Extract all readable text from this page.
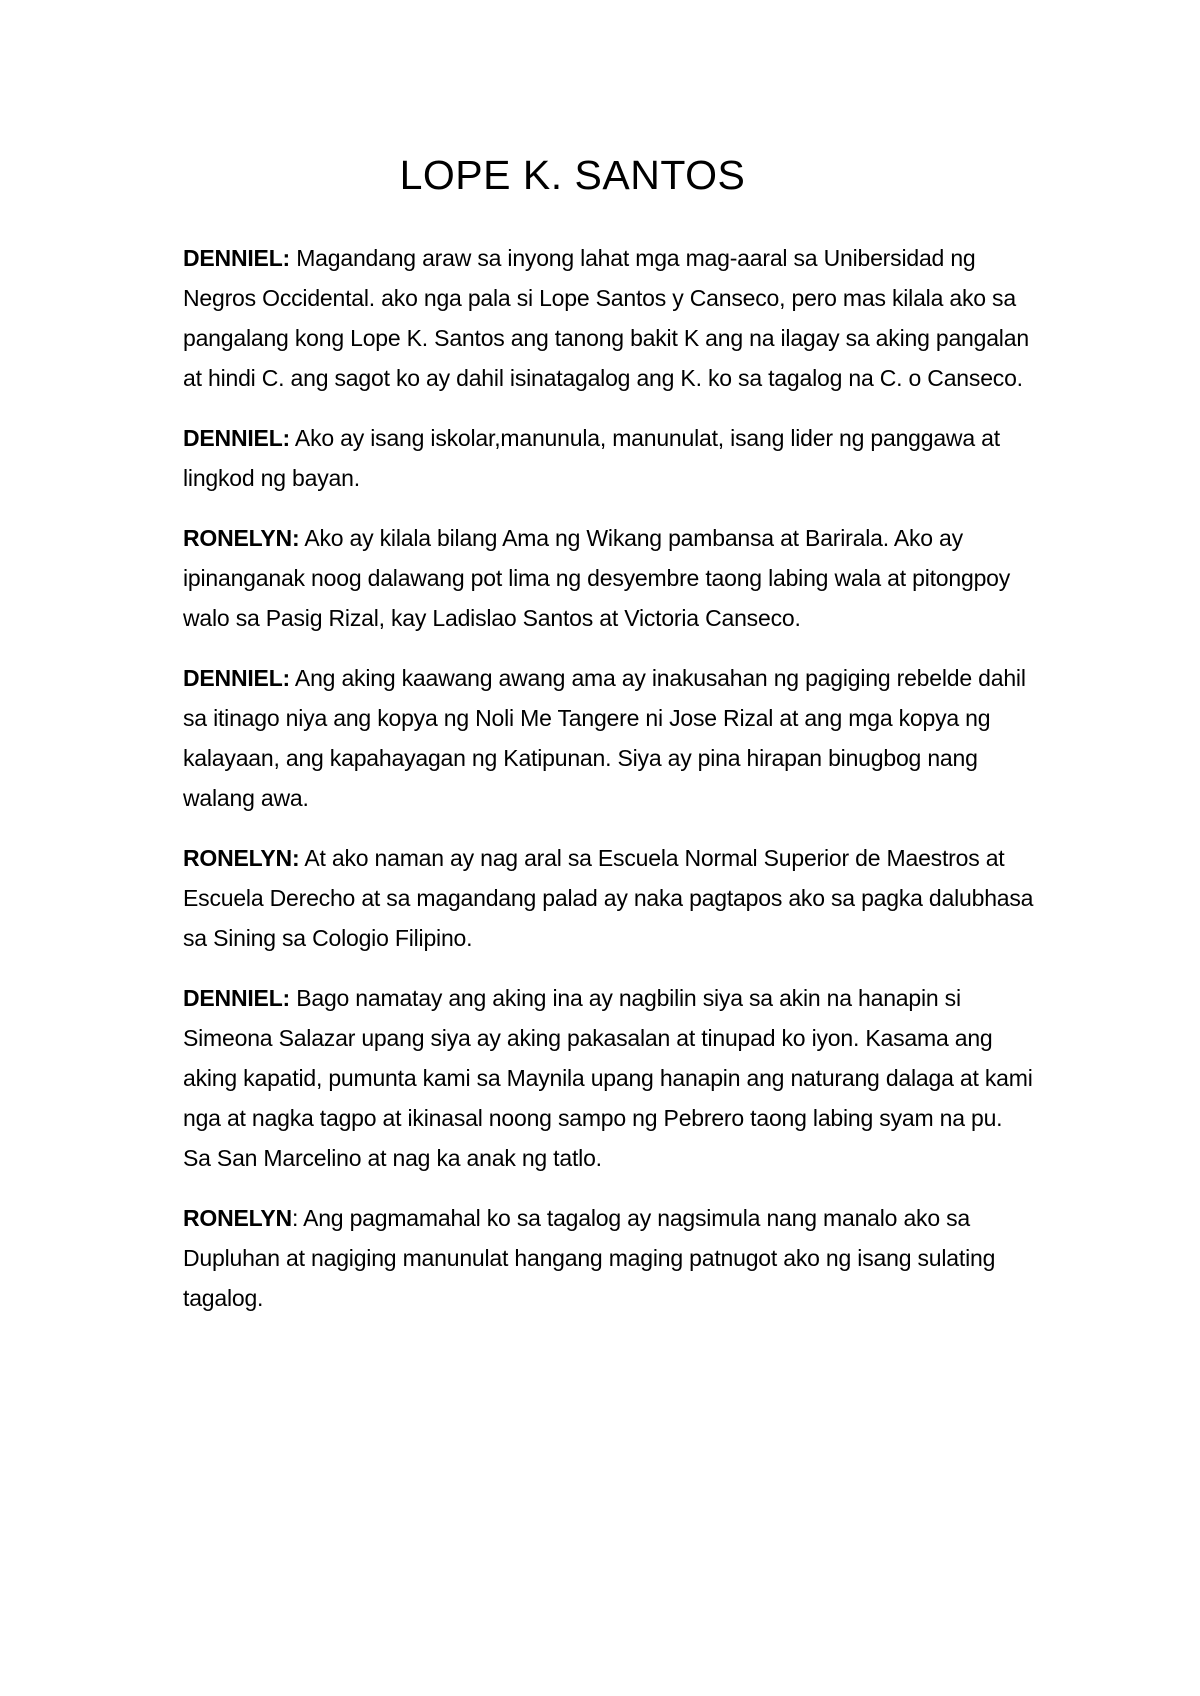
LOPE K. SANTOS

DENNIEL: Magandang araw sa inyong lahat mga mag-aaral sa Unibersidad ng Negros Occidental. ako nga pala si Lope Santos y Canseco, pero mas kilala ako sa pangalang kong Lope K. Santos ang tanong bakit K ang na ilagay sa aking pangalan at hindi C. ang sagot ko ay dahil isinatagalog ang K. ko sa tagalog na C. o Canseco.

DENNIEL: Ako ay isang iskolar,manunula, manunulat, isang lider ng panggawa at lingkod ng bayan.

RONELYN: Ako ay kilala bilang Ama ng Wikang pambansa at Barirala. Ako ay ipinanganak noog dalawang pot lima ng desyembre taong labing wala at pitongpoy walo sa Pasig Rizal, kay Ladislao Santos at Victoria Canseco.

DENNIEL: Ang aking kaawang awang ama ay inakusahan ng pagiging rebelde dahil sa itinago niya ang kopya ng Noli Me Tangere ni Jose Rizal at ang mga kopya ng kalayaan, ang kapahayagan ng Katipunan. Siya ay pina hirapan binugbog nang walang awa.

RONELYN: At ako naman ay nag aral sa Escuela Normal Superior de Maestros at Escuela Derecho at sa magandang palad ay naka pagtapos ako sa pagka dalubhasa sa Sining sa Cologio Filipino.

DENNIEL: Bago namatay ang aking ina ay nagbilin siya sa akin na hanapin si Simeona Salazar upang siya ay aking pakasalan at tinupad ko iyon. Kasama ang aking kapatid, pumunta kami sa Maynila upang hanapin ang naturang dalaga at kami nga at nagka tagpo at ikinasal noong sampo ng Pebrero taong labing syam na pu. Sa San Marcelino at nag ka anak ng tatlo.

RONELYN: Ang pagmamahal ko sa tagalog ay nagsimula nang manalo ako sa Dupluhan at nagiging manunulat hangang maging patnugot ako ng isang sulating tagalog.
